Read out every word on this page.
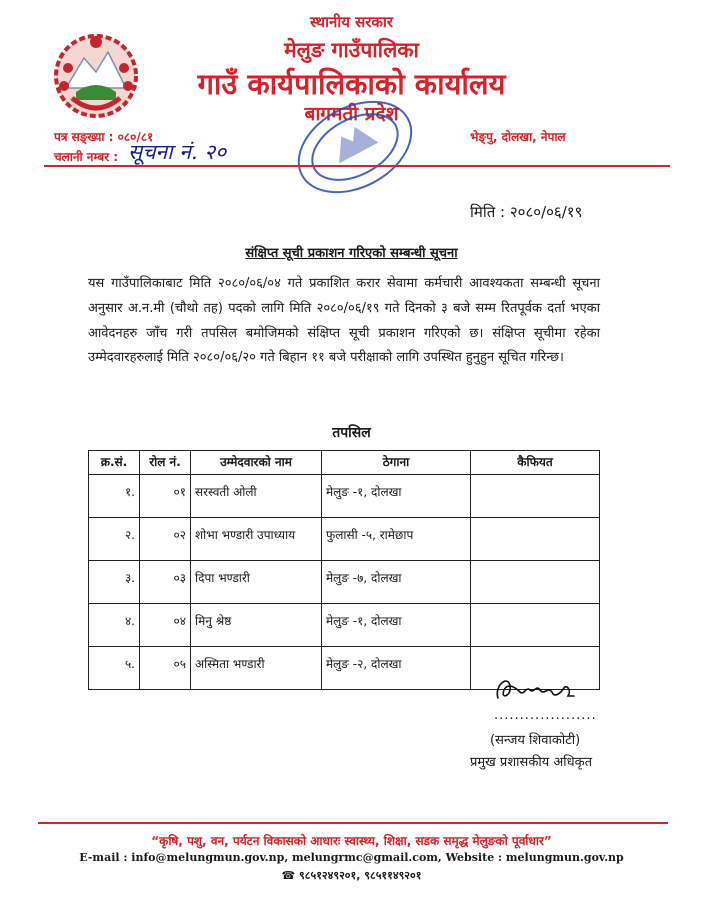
स्थानीय सरकार
मेलुङ गाउँपालिका
गाउँ कार्यपालिकाको कार्यालय
बागमती प्रदेश
पत्र सङ्ख्या : ०८०/८१
चलानी नम्बर : सूचना नं. २०
भेङ्पु, दोलखा, नेपाल
मिति : २०८०/०६/१९
संक्षिप्त सूची प्रकाशन गरिएको सम्बन्धी सूचना
यस गाउँपालिकाबाट मिति २०८०/०६/०४ गते प्रकाशित करार सेवामा कर्मचारी आवश्यकता सम्बन्धी सूचना अनुसार अ.न.मी (चौथो तह) पदको लागि मिति २०८०/०६/१९ गते दिनको ३ बजे सम्म रितपूर्वक दर्ता भएका आवेदनहरु जाँच गरी तपसिल बमोजिमको संक्षिप्त सूची प्रकाशन गरिएको छ। संक्षिप्त सूचीमा रहेका उम्मेदवारहरुलाई मिति २०८०/०६/२० गते बिहान ११ बजे परीक्षाको लागि उपस्थित हुनुहुन सूचित गरिन्छ।
तपसिल
क्र.सं.	रोल नं.	उम्मेदवारको नाम	ठेगाना	कैफियत
१.	०१	सरस्वती ओली	मेलुङ -१, दोलखा	
२.	०२	शोभा भण्डारी उपाध्याय	फुलासी -५, रामेछाप	
३.	०३	दिपा भण्डारी	मेलुङ -७, दोलखा	
४.	०४	मिनु श्रेष्ठ	मेलुङ -१, दोलखा	
५.	०५	अस्मिता भण्डारी	मेलुङ -२, दोलखा	
....................
(सन्जय शिवाकोटी)
प्रमुख प्रशासकीय अधिकृत
“कृषि, पशु, वन, पर्यटन विकासको आधारः स्वास्थ्य, शिक्षा, सडक समृद्ध मेलुङको पूर्वाधार”
E-mail : info@melungmun.gov.np, melungrmc@gmail.com, Website : melungmun.gov.np
☎ ९८५१२४९२०१, ९८५११४९२०१
